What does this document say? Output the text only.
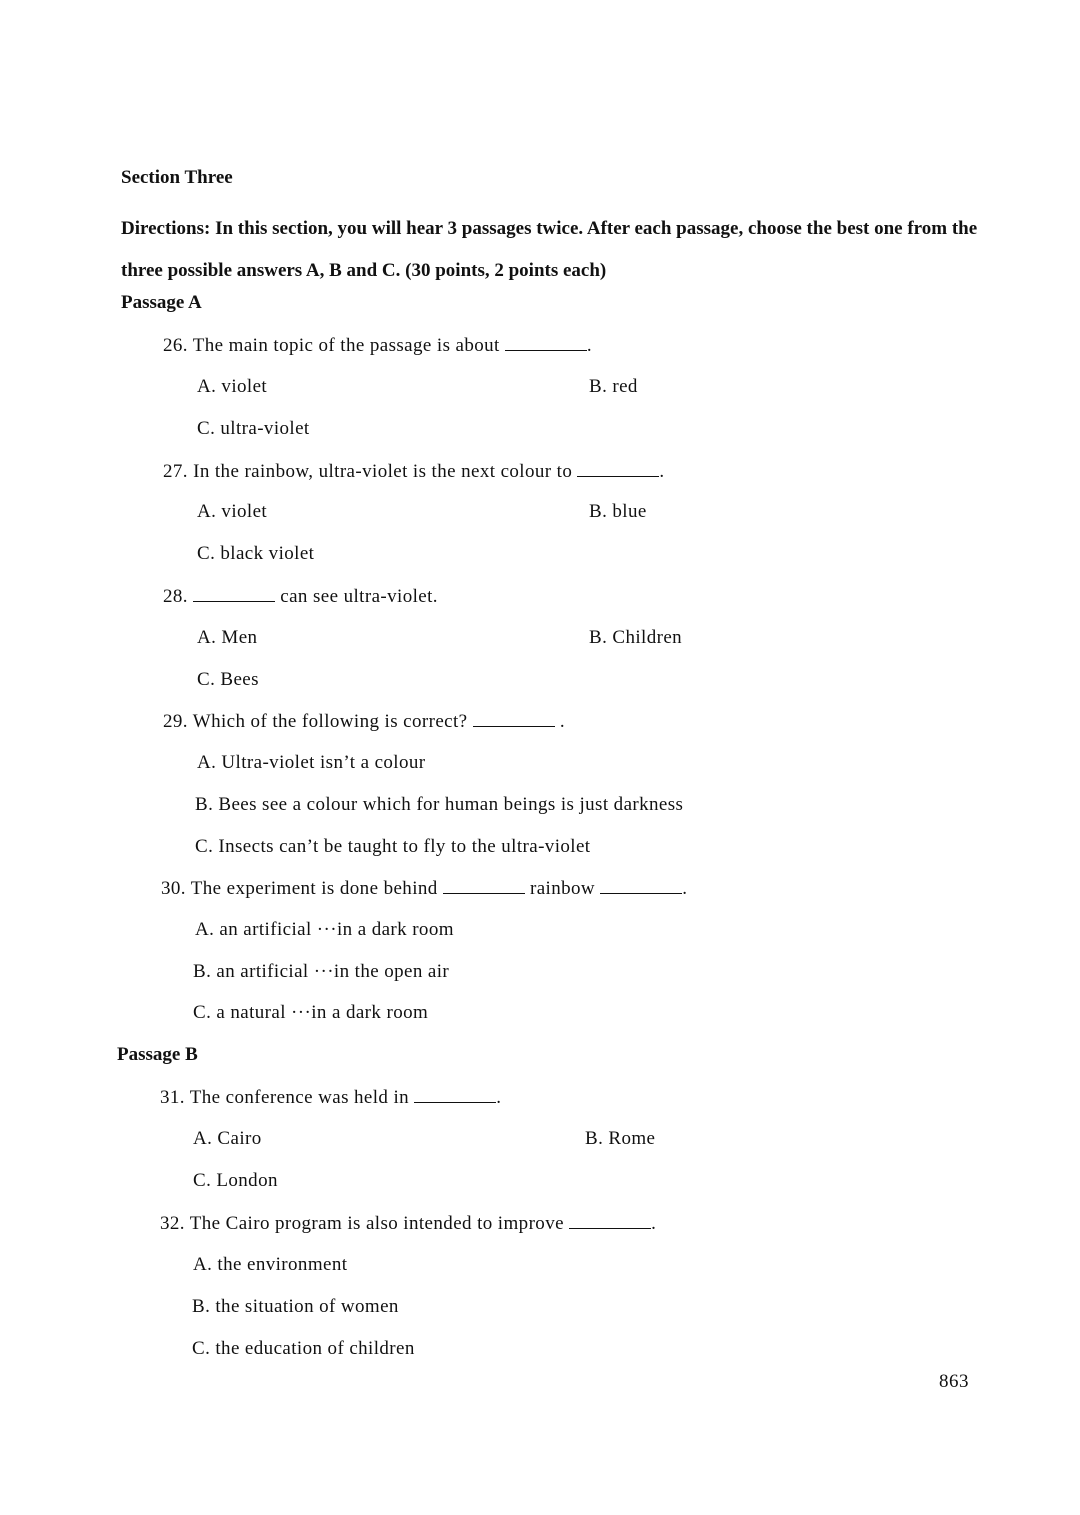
Section Three
Directions: In this section, you will hear 3 passages twice. After each passage, choose the best one from the three possible answers A, B and C. (30 points, 2 points each)
Passage A
26. The main topic of the passage is about	.
A. violet	B. red
C. ultra-violet
27. In the rainbow, ultra-violet is the next colour to	.
A. violet	B. blue
C. black violet
28.	can see ultra-violet.
A. Men	B. Children
C. Bees
29. Which of the following is correct?	.
A. Ultra-violet isn’t a colour
B. Bees see a colour which for human beings is just darkness
C. Insects can’t be taught to fly to the ultra-violet
30. The experiment is done behind	rainbow	.
A. an artificial ···in a dark room
B. an artificial ···in the open air
C. a natural ···in a dark room
Passage B
31. The conference was held in	.
A. Cairo	B. Rome
C. London
32. The Cairo program is also intended to improve	.
A. the environment
B. the situation of women
C. the education of children
863
